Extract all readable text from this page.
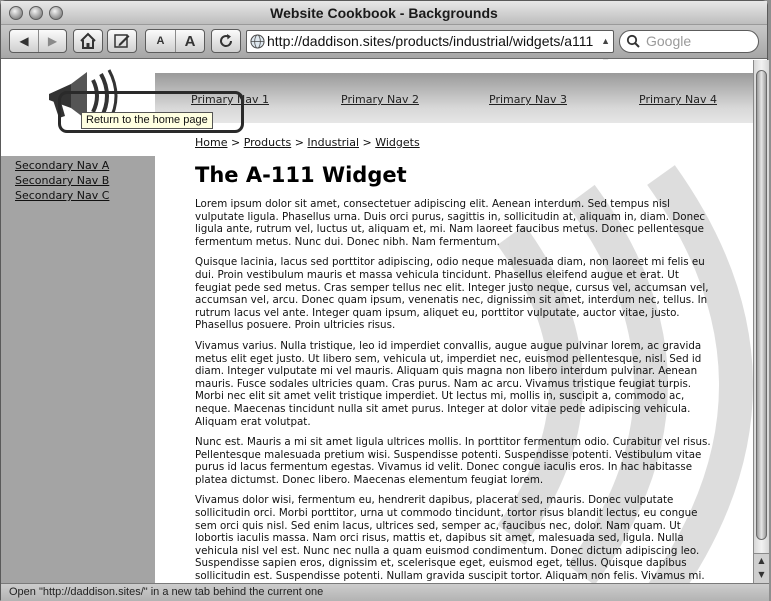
Website Cookbook - Backgrounds
◀ ▶	A	A	http://daddison.sites/products/industrial/widgets/a111 ▲	Google
Primary Nav 1	Primary Nav 2	Primary Nav 3	Primary Nav 4
Secondary Nav A
Secondary Nav B
Secondary Nav C
Home > Products > Industrial > Widgets
The A-111 Widget

Lorem ipsum dolor sit amet, consectetuer adipiscing elit. Aenean interdum. Sed tempus nisl vulputate ligula. Phasellus urna. Duis orci purus, sagittis in, sollicitudin at, aliquam in, diam. Donec ligula ante, rutrum vel, luctus ut, aliquam et, mi. Nam laoreet faucibus metus. Donec pellentesque fermentum metus. Nunc dui. Donec nibh. Nam fermentum.

Quisque lacinia, lacus sed porttitor adipiscing, odio neque malesuada diam, non laoreet mi felis eu dui. Proin vestibulum mauris et massa vehicula tincidunt. Phasellus eleifend augue et erat. Ut feugiat pede sed metus. Cras semper tellus nec elit. Integer justo neque, cursus vel, accumsan vel, accumsan vel, arcu. Donec quam ipsum, venenatis nec, dignissim sit amet, interdum nec, tellus. In rutrum lacus vel ante. Integer quam ipsum, aliquet eu, porttitor vulputate, auctor vitae, justo. Phasellus posuere. Proin ultricies risus.

Vivamus varius. Nulla tristique, leo id imperdiet convallis, augue augue pulvinar lorem, ac gravida metus elit eget justo. Ut libero sem, vehicula ut, imperdiet nec, euismod pellentesque, nisl. Sed id diam. Integer vulputate mi vel mauris. Aliquam quis magna non libero interdum pulvinar. Aenean mauris. Fusce sodales ultricies quam. Cras purus. Nam ac arcu. Vivamus tristique feugiat turpis. Morbi nec elit sit amet velit tristique imperdiet. Ut lectus mi, mollis in, suscipit a, commodo ac, neque. Maecenas tincidunt nulla sit amet purus. Integer at dolor vitae pede adipiscing vehicula. Aliquam erat volutpat.

Nunc est. Mauris a mi sit amet ligula ultrices mollis. In porttitor fermentum odio. Curabitur vel risus. Pellentesque malesuada pretium wisi. Suspendisse potenti. Suspendisse potenti. Vestibulum vitae purus id lacus fermentum egestas. Vivamus id velit. Donec congue iaculis eros. In hac habitasse platea dictumst. Donec libero. Maecenas elementum feugiat lorem.

Vivamus dolor wisi, fermentum eu, hendrerit dapibus, placerat sed, mauris. Donec vulputate sollicitudin orci. Morbi porttitor, urna ut commodo tincidunt, tortor risus blandit lectus, eu congue sem orci quis nisl. Sed enim lacus, ultrices sed, semper ac, faucibus nec, dolor. Nam quam. Ut lobortis iaculis massa. Nam orci risus, mattis et, dapibus sit amet, malesuada sed, ligula. Nulla vehicula nisl vel est. Nunc nec nulla a quam euismod condimentum. Donec dictum adipiscing leo. Suspendisse sapien eros, dignissim et, scelerisque eget, euismod eget, tellus. Quisque dapibus sollicitudin est. Suspendisse potenti. Nullam gravida suscipit tortor. Aliquam non felis. Vivamus mi.

Return to the home page
▲
▼
Open "http://daddison.sites/" in a new tab behind the current one
